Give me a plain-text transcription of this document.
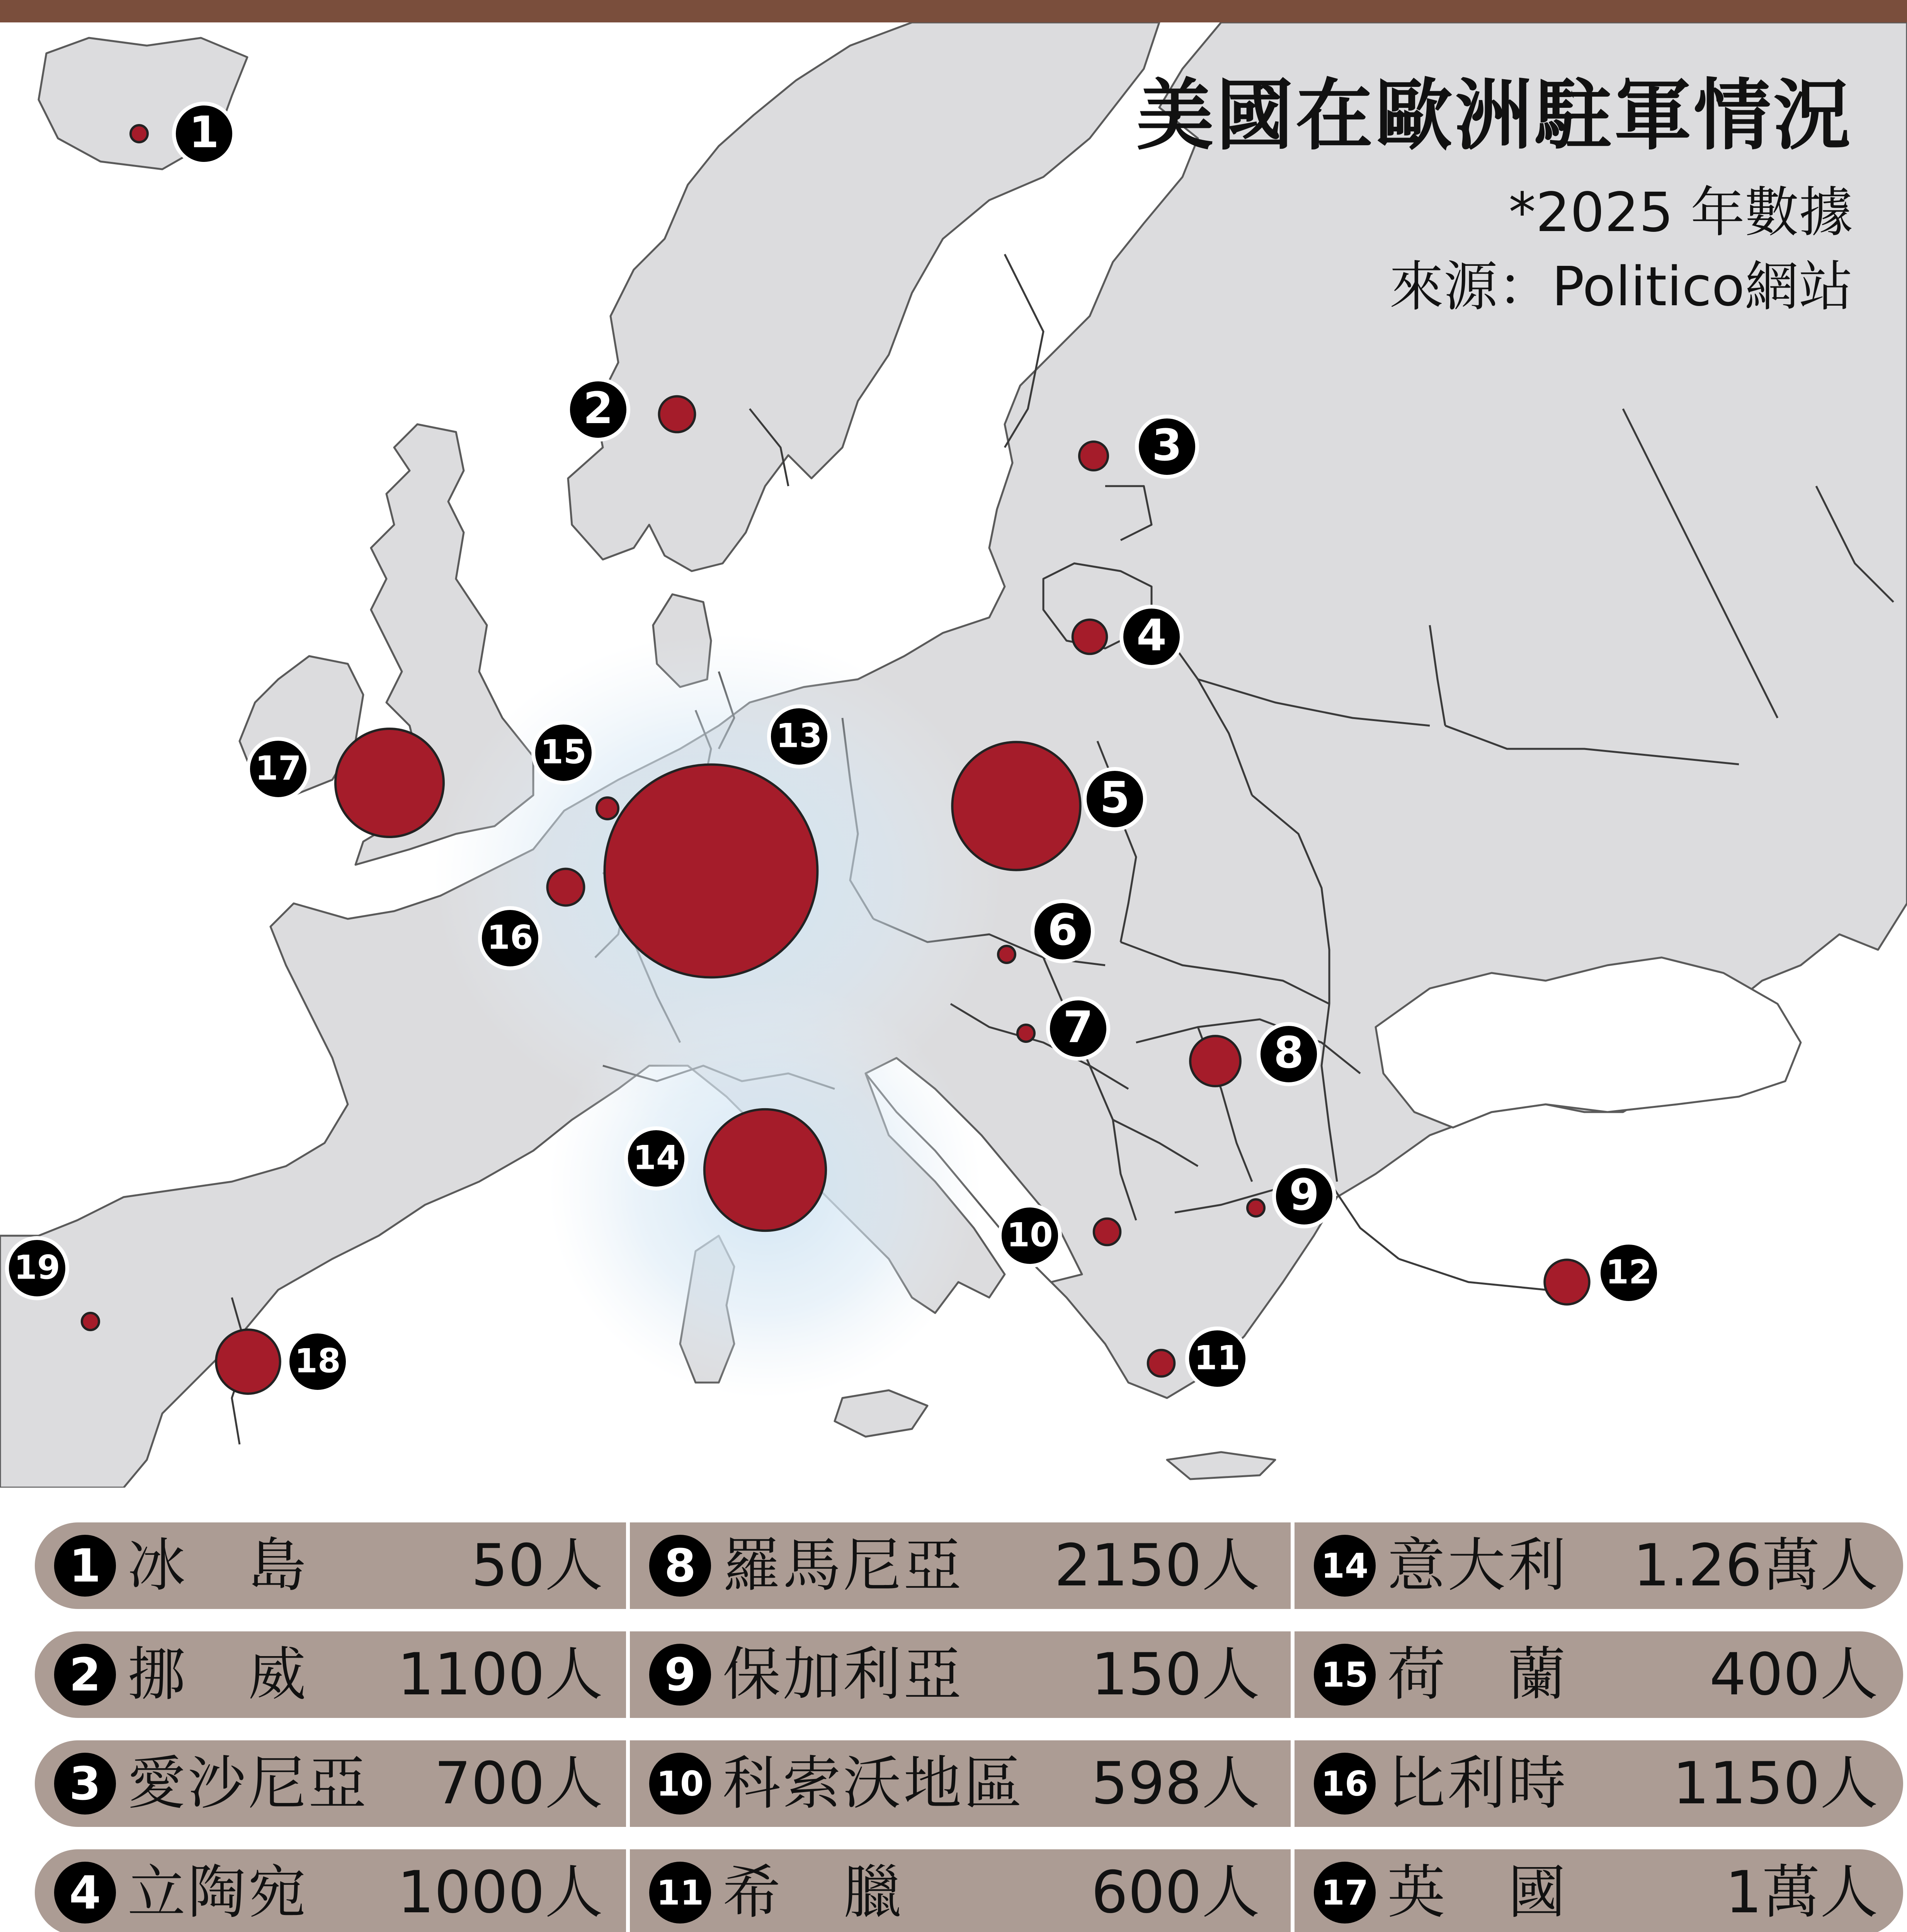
1
2
3
4
5
6
7
8
9
10
11
12
13
14
15
16
17
18
19
美國在歐洲駐軍情況
*2025 年數據
來源：Politico網站
1 冰　島	50人
2 挪　威 1100人
3 愛沙尼亞 700人
4 立陶宛 1000人
8 羅馬尼亞 2150人
9 保加利亞 150人
10 科索沃地區 598人
11 希　臘	600人
14 意大利 1.26萬人
15 荷　蘭 400人
16 比利時 1150人
17 英　國	1萬人
